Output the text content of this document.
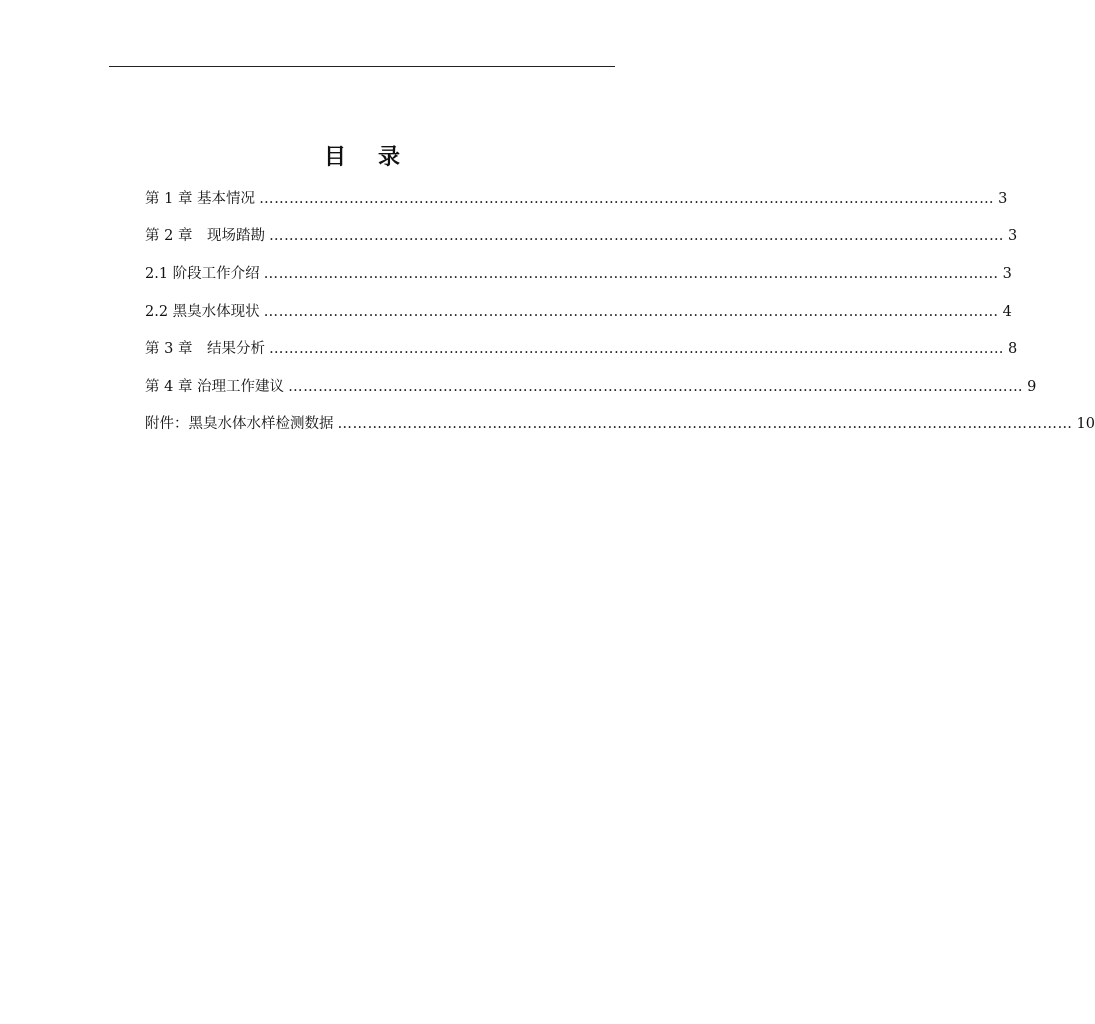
目录
第 1 章 基本情况 ………………………………………………………………………………………………………………………………… 3
第 2 章　现场踏勘 ………………………………………………………………………………………………………………………………… 3
2.1 阶段工作介绍 ………………………………………………………………………………………………………………………………… 3
2.2 黑臭水体现状 ………………………………………………………………………………………………………………………………… 4
第 3 章　结果分析 ………………………………………………………………………………………………………………………………… 8
第 4 章 治理工作建议 ………………………………………………………………………………………………………………………………… 9
附件：黑臭水体水样检测数据 ………………………………………………………………………………………………………………………………… 10
